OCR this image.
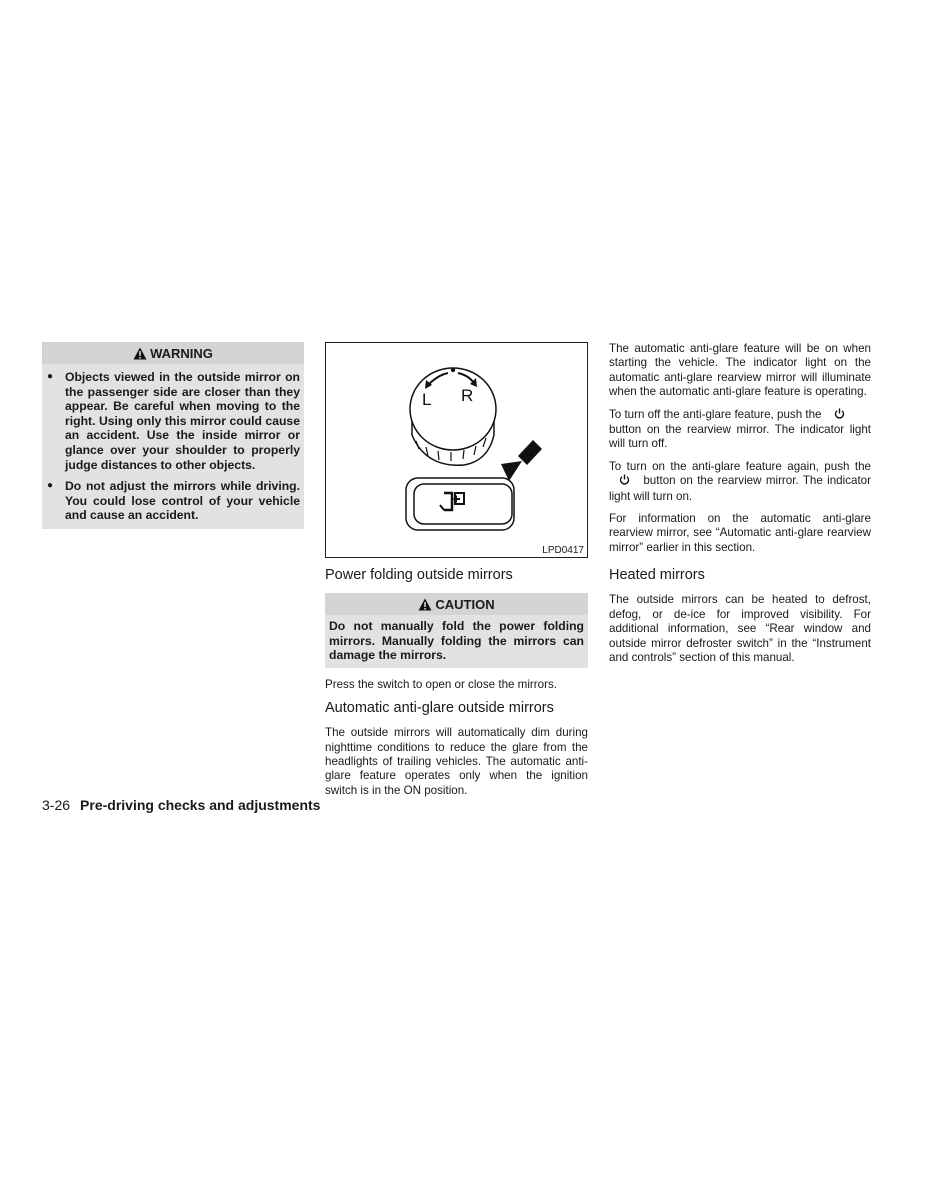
WARNING
● Objects viewed in the outside mirror on the passenger side are closer than they appear. Be careful when moving to the right. Using only this mirror could cause an accident. Use the inside mirror or glance over your shoulder to properly judge distances to other objects.
● Do not adjust the mirrors while driving. You could lose control of your vehicle and cause an accident.
L R
LPD0417
Power folding outside mirrors
CAUTION
Do not manually fold the power folding mirrors. Manually folding the mirrors can damage the mirrors.

Press the switch to open or close the mirrors.

Automatic anti-glare outside mirrors

The outside mirrors will automatically dim during nighttime conditions to reduce the glare from the headlights of trailing vehicles. The automatic anti-glare feature operates only when the ignition switch is in the ON position.

The automatic anti-glare feature will be on when starting the vehicle. The indicator light on the automatic anti-glare rearview mirror will illuminate when the automatic anti-glare feature is operating.

To turn off the anti-glare feature, push the
button on the rearview mirror. The indicator light will turn off.

To turn on the anti-glare feature again, push the  button on the rearview mirror. The indicator light will turn on.

For information on the automatic anti-glare rearview mirror, see “Automatic anti-glare rearview mirror” earlier in this section.

Heated mirrors

The outside mirrors can be heated to defrost, defog, or de-ice for improved visibility. For additional information, see “Rear window and outside mirror defroster switch” in the “Instrument and controls” section of this manual.

3-26 Pre-driving checks and adjustments
